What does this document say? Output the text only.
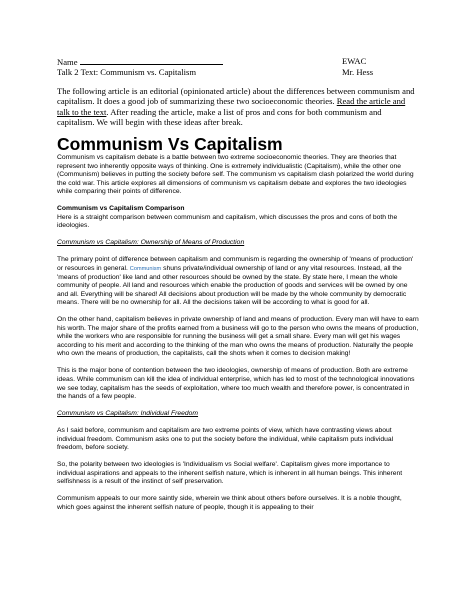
Name	EWAC
Talk 2 Text: Communism vs. Capitalism	Mr. Hess

The following article is an editorial (opinionated article) about the differences between communism and capitalism. It does a good job of summarizing these two socioeconomic theories. Read the article and talk to the text. After reading the article, make a list of pros and cons for both communism and capitalism. We will begin with these ideas after break.

Communism Vs Capitalism

Communism vs capitalism debate is a battle between two extreme socioeconomic theories. They are theories that represent two inherently opposite ways of thinking. One is extremely individualistic (Capitalism), while the other one (Communism) believes in putting the society before self. The communism vs capitalism clash polarized the world during the cold war. This article explores all dimensions of communism vs capitalism debate and explores the two ideologies while comparing their points of difference.

Communism vs Capitalism Comparison

Here is a straight comparison between communism and capitalism, which discusses the pros and cons of both the ideologies.

Communism vs Capitalism: Ownership of Means of Production

The primary point of difference between capitalism and communism is regarding the ownership of 'means of production' or resources in general. Communism shuns private/individual ownership of land or any vital resources. Instead, all the 'means of production' like land and other resources should be owned by the state. By state here, I mean the whole community of people. All land and resources which enable the production of goods and services will be owned by one and all. Everything will be shared! All decisions about production will be made by the whole community by democratic means. There will be no ownership for all. All the decisions taken will be according to what is good for all.

On the other hand, capitalism believes in private ownership of land and means of production. Every man will have to earn his worth. The major share of the profits earned from a business will go to the person who owns the means of production, while the workers who are responsible for running the business will get a small share. Every man will get his wages according to his merit and according to the thinking of the man who owns the means of production. Naturally the people who own the means of production, the capitalists, call the shots when it comes to decision making!

This is the major bone of contention between the two ideologies, ownership of means of production. Both are extreme ideas. While communism can kill the idea of individual enterprise, which has led to most of the technological innovations we see today, capitalism has the seeds of exploitation, where too much wealth and therefore power, is concentrated in the hands of a few people.

Communism vs Capitalism: Individual Freedom

As I said before, communism and capitalism are two extreme points of view, which have contrasting views about individual freedom. Communism asks one to put the society before the individual, while capitalism puts individual freedom, before society.

So, the polarity between two ideologies is 'Individualism vs Social welfare'. Capitalism gives more importance to individual aspirations and appeals to the inherent selfish nature, which is inherent in all human beings. This inherent selfishness is a result of the instinct of self preservation.

Communism appeals to our more saintly side, wherein we think about others before ourselves. It is a noble thought, which goes against the inherent selfish nature of people, though it is appealing to their
